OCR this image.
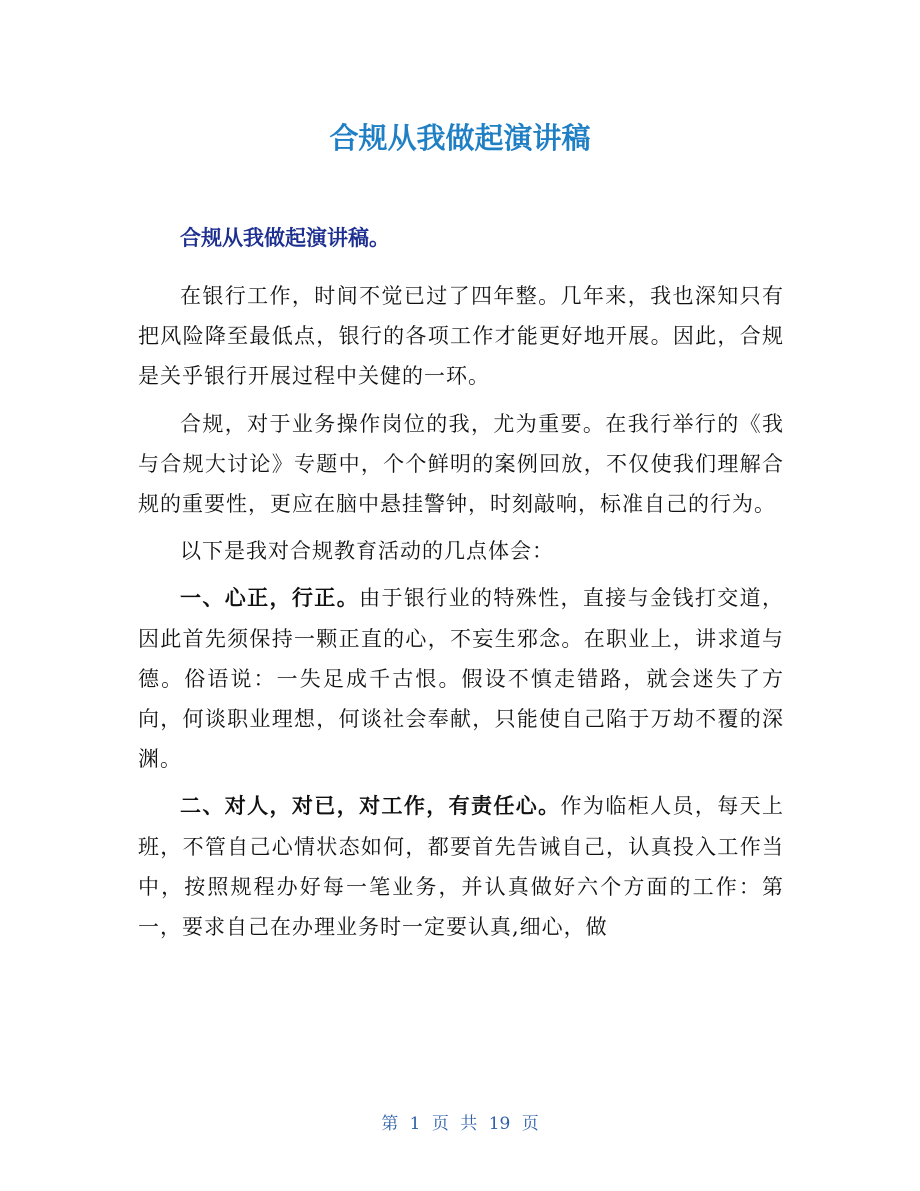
合规从我做起演讲稿
合规从我做起演讲稿。

在银行工作，时间不觉已过了四年整。几年来，我也深知只有把风险降至最低点，银行的各项工作才能更好地开展。因此，合规是关乎银行开展过程中关健的一环。

合规，对于业务操作岗位的我，尤为重要。在我行举行的《我与合规大讨论》专题中，个个鲜明的案例回放，不仅使我们理解合规的重要性，更应在脑中悬挂警钟，时刻敲响，标准自己的行为。

以下是我对合规教育活动的几点体会：

一、心正，行正。由于银行业的特殊性，直接与金钱打交道，因此首先须保持一颗正直的心，不妄生邪念。在职业上，讲求道与德。俗语说：一失足成千古恨。假设不慎走错路，就会迷失了方向，何谈职业理想，何谈社会奉献，只能使自己陷于万劫不覆的深渊。

二、对人，对已，对工作，有责任心。作为临柜人员，每天上班，不管自己心情状态如何，都要首先告诫自己，认真投入工作当中，按照规程办好每一笔业务，并认真做好六个方面的工作：第一，要求自己在办理业务时一定要认真,细心，做

第 1 页 共 19 页
